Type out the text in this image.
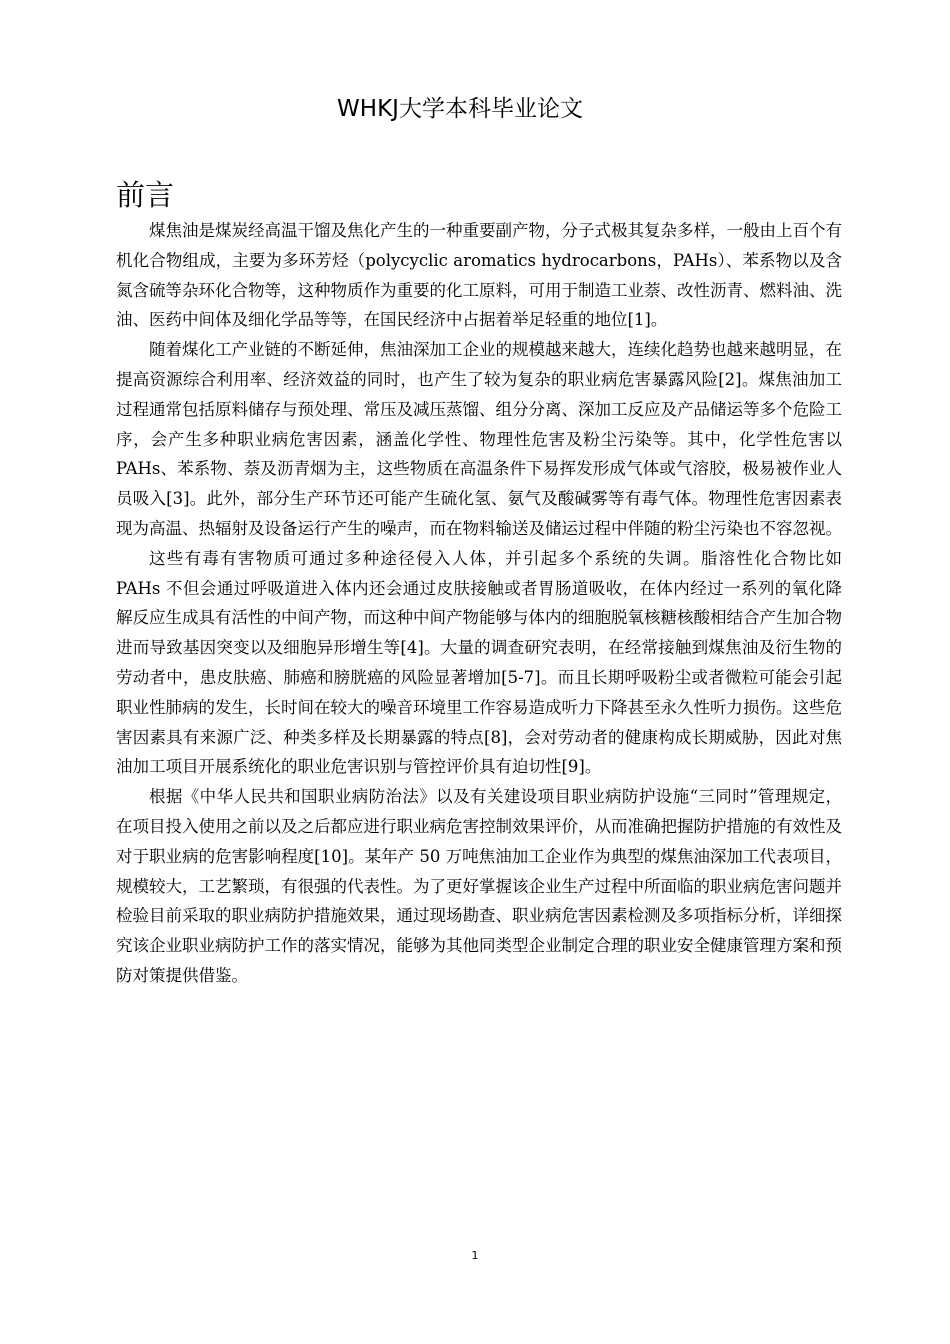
WHKJ大学本科毕业论文
前言

煤焦油是煤炭经高温干馏及焦化产生的一种重要副产物，分子式极其复杂多样，一般由上百个有机化合物组成，主要为多环芳烃（polycyclic aromatics hydrocarbons，PAHs）、苯系物以及含氮含硫等杂环化合物等，这种物质作为重要的化工原料，可用于制造工业萘、改性沥青、燃料油、洗油、医药中间体及细化学品等等，在国民经济中占据着举足轻重的地位[1]。

随着煤化工产业链的不断延伸，焦油深加工企业的规模越来越大，连续化趋势也越来越明显，在提高资源综合利用率、经济效益的同时，也产生了较为复杂的职业病危害暴露风险[2]。煤焦油加工过程通常包括原料储存与预处理、常压及减压蒸馏、组分分离、深加工反应及产品储运等多个危险工序，会产生多种职业病危害因素，涵盖化学性、物理性危害及粉尘污染等。其中，化学性危害以 PAHs、苯系物、萘及沥青烟为主，这些物质在高温条件下易挥发形成气体或气溶胶，极易被作业人员吸入[3]。此外，部分生产环节还可能产生硫化氢、氨气及酸碱雾等有毒气体。物理性危害因素表现为高温、热辐射及设备运行产生的噪声，而在物料输送及储运过程中伴随的粉尘污染也不容忽视。

这些有毒有害物质可通过多种途径侵入人体，并引起多个系统的失调。脂溶性化合物比如 PAHs 不但会通过呼吸道进入体内还会通过皮肤接触或者胃肠道吸收，在体内经过一系列的氧化降解反应生成具有活性的中间产物，而这种中间产物能够与体内的细胞脱氧核糖核酸相结合产生加合物进而导致基因突变以及细胞异形增生等[4]。大量的调查研究表明，在经常接触到煤焦油及衍生物的劳动者中，患皮肤癌、肺癌和膀胱癌的风险显著增加[5-7]。而且长期呼吸粉尘或者微粒可能会引起职业性肺病的发生，长时间在较大的噪音环境里工作容易造成听力下降甚至永久性听力损伤。这些危害因素具有来源广泛、种类多样及长期暴露的特点[8]，会对劳动者的健康构成长期威胁，因此对焦油加工项目开展系统化的职业危害识别与管控评价具有迫切性[9]。

根据《中华人民共和国职业病防治法》以及有关建设项目职业病防护设施“三同时”管理规定，在项目投入使用之前以及之后都应进行职业病危害控制效果评价，从而准确把握防护措施的有效性及对于职业病的危害影响程度[10]。某年产 50 万吨焦油加工企业作为典型的煤焦油深加工代表项目，规模较大，工艺繁琐，有很强的代表性。为了更好掌握该企业生产过程中所面临的职业病危害问题并检验目前采取的职业病防护措施效果，通过现场勘查、职业病危害因素检测及多项指标分析，详细探究该企业职业病防护工作的落实情况，能够为其他同类型企业制定合理的职业安全健康管理方案和预防对策提供借鉴。

1
